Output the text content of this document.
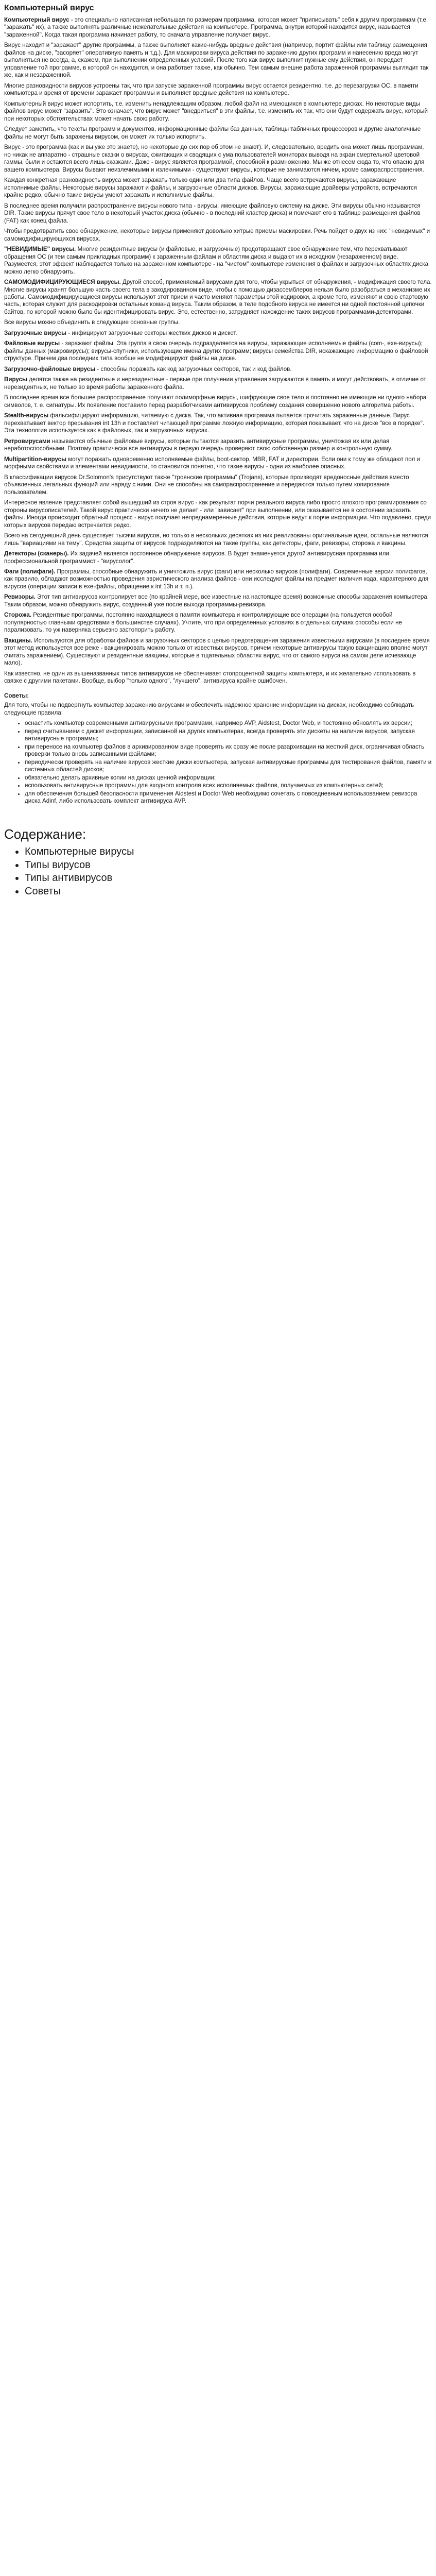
Компьютерный вирус

Компьютерный вирус - это специально написанная небольшая по размерам программа, которая может "приписывать" себя к другим программам (т.е. "заражать" их), а также выполнять различные нежелательные действия на компьютере. Программа, внутри которой находится вирус, называется "зараженной". Когда такая программа начинает работу, то сначала управление получает вирус.

Вирус находит и "заражает" другие программы, а также выполняет какие-нибудь вредные действия (например, портит файлы или таблицу размещения файлов на диске, "засоряет" оперативную память и т.д.). Для маскировки вируса действия по заражению других программ и нанесению вреда могут выполняться не всегда, а, скажем, при выполнении определенных условий. После того как вирус выполнит нужные ему действия, он передает управление той программе, в которой он находится, и она работает также, как обычно. Тем самым внешне работа зараженной программы выглядит так же, как и незараженной.

Многие разновидности вирусов устроены так, что при запуске зараженной программы вирус остается резидентно, т.е. до перезагрузки ОС, в памяти компьютера и время от времени заражает программы и выполняет вредные действия на компьютере.

Компьютерный вирус может испортить, т.е. изменить ненадлежащим образом, любой файл на имеющихся в компьютере дисках. Но некоторые виды файлов вирус может "заразить". Это означает, что вирус может "внедриться" в эти файлы, т.е. изменить их так, что они будут содержать вирус, который при некоторых обстоятельствах может начать свою работу.

Следует заметить, что тексты программ и документов, информационные файлы баз данных, таблицы табличных процессоров и другие аналогичные файлы не могут быть заражены вирусом, он может их только испортить.

Вирус - это программа (как и вы уже это знаете), но некоторые до сих пор об этом не знают). И, следовательно, вредить она может лишь программам, но никак не аппаратно - страшные сказки о вирусах, сжигающих и сводящих с ума пользователей мониторах выводя на экран смертельной цветовой гаммы, были и остаются всего лишь сказками. Даже - вирус является программой, способной к размножению. Мы же отнесем сюда то, что опасно для вашего компьютера. Вирусы бывают неизлечимыми и излечимыми - существуют вирусы, которые не занимаются ничем, кроме самораспространения.

Каждая конкретная разновидность вируса может заражать только один или два типа файлов. Чаще всего встречаются вирусы, заражающие исполнимые файлы. Некоторые вирусы заражают и файлы, и загрузочные области дисков. Вирусы, заражающие драйверы устройств, встречаются крайне редко, обычно такие вирусы умеют заражать и исполнимые файлы.

В последнее время получили распространение вирусы нового типа - вирусы, имеющие файловую систему на диске. Эти вирусы обычно называются DIR. Такие вирусы прячут свое тело в некоторый участок диска (обычно - в последний кластер диска) и помечают его в таблице размещения файлов (FAT) как конец файла.

Чтобы предотвратить свое обнаружение, некоторые вирусы применяют довольно хитрые приемы маскировки. Речь пойдет о двух из них: "невидимых" и самомодифицирующихся вирусах.

"НЕВИДИМЫЕ" вирусы. Многие резидентные вирусы (и файловые, и загрузочные) предотвращают свое обнаружение тем, что перехватывают обращения ОС (и тем самым прикладных программ) к зараженным файлам и областям диска и выдают их в исходном (незараженном) виде. Разумеется, этот эффект наблюдается только на зараженном компьютере - на "чистом" компьютере изменения в файлах и загрузочных областях диска можно легко обнаружить.

САМОМОДИФИЦИРУЮЩИЕСЯ вирусы. Другой способ, применяемый вирусами для того, чтобы укрыться от обнаружения, - модификация своего тела. Многие вирусы хранят большую часть своего тела в закодированном виде, чтобы с помощью дизассемблеров нельзя было разобраться в механизме их работы. Самомодифицирующиеся вирусы используют этот прием и часто меняют параметры этой кодировки, а кроме того, изменяют и свою стартовую часть, которая служит для раскодировки остальных команд вируса. Таким образом, в теле подобного вируса не имеется ни одной постоянной цепочки байтов, по которой можно было бы идентифицировать вирус. Это, естественно, затрудняет нахождение таких вирусов программами-детекторами.

Все вирусы можно объединить в следующие основные группы.

Загрузочные вирусы - инфицируют загрузочные секторы жестких дисков и дискет.

Файловые вирусы - заражают файлы. Эта группа в свою очередь подразделяется на вирусы, заражающие исполняемые файлы (com-, exe-вирусы); файлы данных (макровирусы); вирусы-спутники, использующие имена других программ; вирусы семейства DIR, искажающие информацию о файловой структуре. Причем два последних типа вообще не модифицируют файлы на диске.

Загрузочно-файловые вирусы - способны поражать как код загрузочных секторов, так и код файлов.

Вирусы делятся также на резидентные и нерезидентные - первые при получении управления загружаются в память и могут действовать, в отличие от нерезидентных, не только во время работы зараженного файла.

В последнее время все большее распространение получают полиморфные вирусы, шифрующие свое тело и постоянно не имеющие ни одного набора символов, т. е. сигнатуры. Их появление поставило перед разработчиками антивирусов проблему создания совершенно нового алгоритма работы.

Stealth-вирусы фальсифицируют информацию, читаемую с диска. Так, что активная программа пытается прочитать зараженные данные. Вирус перехватывает вектор прерывания int 13h и поставляет читающей программе ложную информацию, которая показывает, что на диске "все в порядке". Эта технология используется как в файловых, так и загрузочных вирусах.

Ретровирусами называются обычные файловые вирусы, которые пытаются заразить антивирусные программы, уничтожая их или делая неработоспособными. Поэтому практически все антивирусы в первую очередь проверяют свою собственную размер и контрольную сумму.

Multipartition-вирусы могут поражать одновременно исполняемые файлы, boot-сектор, MBR, FAT и директории. Если они к тому же обладают пол и морфными свойствами и элементами невидимости, то становится понятно, что такие вирусы - одни из наиболее опасных.

В классификации вирусов Dr.Solomon's присутствуют также "троянские программы" (Trojans), которые производят вредоносные действия вместо объявленных легальных функций или наряду с ними. Они не способны на самораспространение и передаются только путем копирования пользователем.

Интересное явление представляет собой вышедший из строя вирус - как результат порчи реального вируса либо просто плохого программирования со стороны вирусописателей. Такой вирус практически ничего не делает - или "зависает" при выполнении, или оказывается не в состоянии заразить файлы. Иногда происходит обратный процесс - вирус получает непреднамеренные действия, которые ведут к порче информации. Что подавлено, среди которых вирусов передаю встречается редко.

Всего на сегодняшний день существует тысячи вирусов, но только в нескольких десятках из них реализованы оригинальные идеи, остальные являются лишь "вариациями на тему". Средства защиты от вирусов подразделяются на такие группы, как детекторы, фаги, ревизоры, сторожа и вакцины.

Детекторы (сканеры). Их задачей является постоянное обнаружение вирусов. В будет знаменуется другой антивирусная программа или профессиональной программист - "вирусолог".

Фаги (полифаги). Программы, способные обнаружить и уничтожить вирус (фаги) или несколько вирусов (полифаги). Современные версии полифагов, как правило, обладают возможностью проведения эвристического анализа файлов - они исследуют файлы на предмет наличия кода, характерного для вирусов (операции записи в exe-файлы, обращение к int 13h и т. п.).

Ревизоры. Этот тип антивирусов контролирует все (по крайней мере, все известные на настоящее время) возможные способы заражения компьютера. Таким образом, можно обнаружить вирус, созданный уже после выхода программы-ревизора.

Сторожа. Резидентные программы, постоянно находящиеся в памяти компьютера и контролирующие все операции (на пользуется особой популярностью главными средствами в большинстве случаях). Учтите, что при определенных условиях в отдельных случаях способы если не парализовать, то уж наверняка серьезно застопорить работу.

Вакцины. Используются для обработки файлов и загрузочных секторов с целью предотвращения заражения известными вирусами (в последнее время этот метод используется все реже - вакцинировать можно только от известных вирусов, причем некоторые антивирусы такую вакцинацию вполне могут считать заражением). Существуют и резидентные вакцины, которые в тщательных областях вирус, что от самого вируса на самом деле исчезающе мало).

Как известно, не один из вышеназванных типов антивирусов не обеспечивает стопроцентной защиты компьютера, и их желательно использовать в связке с другими пакетами. Вообще, выбор "только одного", "лучшего", антивируса крайне ошибочен.

Советы:

Для того, чтобы не подвергнуть компьютер заражению вирусами и обеспечить надежное хранение информации на дисках, необходимо соблюдать следующие правила:

• оснастить компьютер современными антивирусными программами, например AVP, Aidstest, Doctor Web, и постоянно обновлять их версии;
• перед считыванием с дискет информации, записанной на других компьютерах, всегда проверять эти дискеты на наличие вирусов, запуская антивирусные программы;
• при переносе на компьютер файлов в архивированном виде проверять их сразу же после разархивации на жесткий диск, ограничивая область проверки только вновь записанными файлами;
• периодически проверять на наличие вирусов жесткие диски компьютера, запуская антивирусные программы для тестирования файлов, памяти и системных областей дисков;
• обязательно делать архивные копии на дисках ценной информации;
• использовать антивирусные программы для входного контроля всех исполняемых файлов, получаемых из компьютерных сетей;
• для обеспечения большей безопасности применения Aidstest и Doctor Web необходимо сочетать с повседневным использованием ревизора диска Adinf, либо использовать комплект антивируса AVP.
Содержание:
• Компьютерные вирусы
• Типы вирусов
• Типы антивирусов
• Советы
